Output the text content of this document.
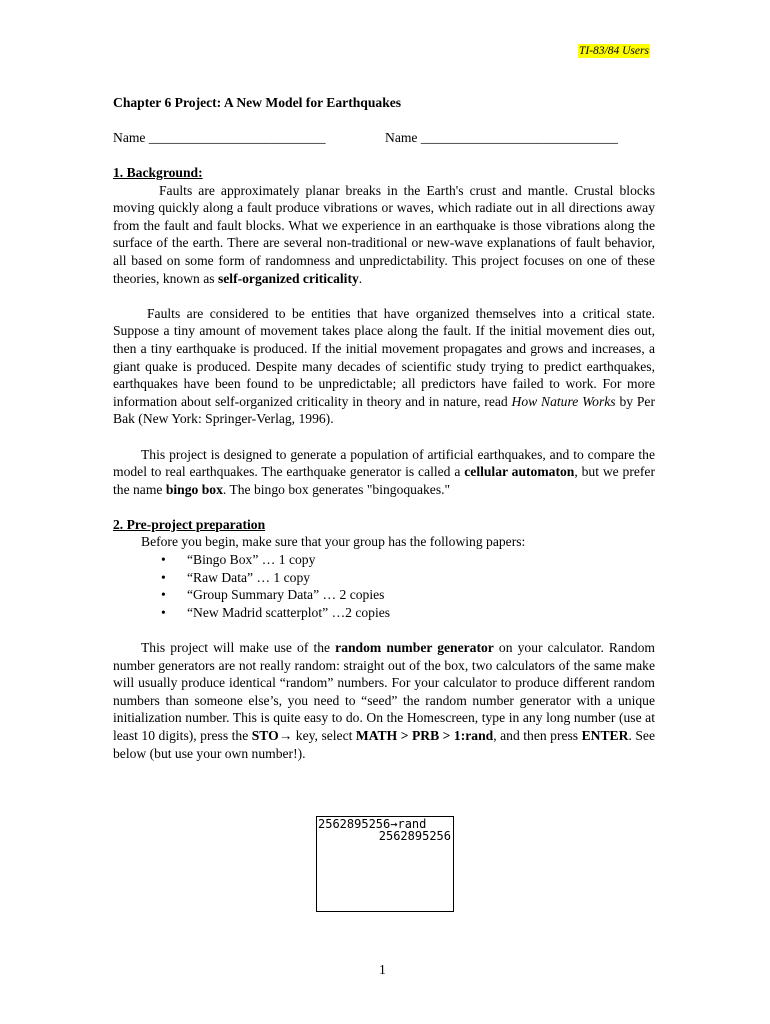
TI-83/84 Users
Chapter 6 Project: A New Model for Earthquakes
Name __________________________	Name _____________________________
1. Background:

Faults are approximately planar breaks in the Earth's crust and mantle. Crustal blocks moving quickly along a fault produce vibrations or waves, which radiate out in all directions away from the fault and fault blocks. What we experience in an earthquake is those vibrations along the surface of the earth. There are several non-traditional or new-wave explanations of fault behavior, all based on some form of randomness and unpredictability. This project focuses on one of these theories, known as self-organized criticality.

Faults are considered to be entities that have organized themselves into a critical state. Suppose a tiny amount of movement takes place along the fault. If the initial movement dies out, then a tiny earthquake is produced. If the initial movement propagates and grows and increases, a giant quake is produced. Despite many decades of scientific study trying to predict earthquakes, earthquakes have been found to be unpredictable; all predictors have failed to work. For more information about self-organized criticality in theory and in nature, read How Nature Works by Per Bak (New York: Springer-Verlag, 1996).

This project is designed to generate a population of artificial earthquakes, and to compare the model to real earthquakes. The earthquake generator is called a cellular automaton, but we prefer the name bingo box. The bingo box generates "bingoquakes."

2. Pre-project preparation
Before you begin, make sure that your group has the following papers:
• “Bingo Box” … 1 copy
• “Raw Data” … 1 copy
• “Group Summary Data” … 2 copies
• “New Madrid scatterplot” …2 copies

This project will make use of the random number generator on your calculator. Random number generators are not really random: straight out of the box, two calculators of the same make will usually produce identical “random” numbers. For your calculator to produce different random numbers than someone else’s, you need to “seed” the random number generator with a unique initialization number. This is quite easy to do. On the Homescreen, type in any long number (use at least 10 digits), press the STO→ key, select MATH > PRB > 1:rand, and then press ENTER. See below (but use your own number!).

2562895256→rand
2562895256
1
